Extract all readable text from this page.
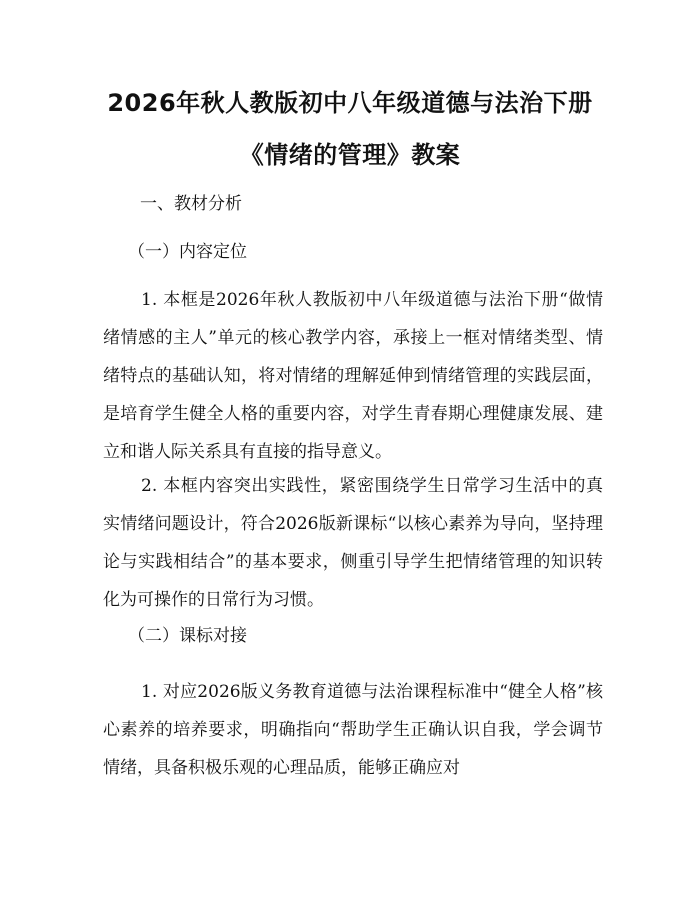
2026年秋人教版初中八年级道德与法治下册
《情绪的管理》教案
一、教材分析
（一）内容定位
1. 本框是2026年秋人教版初中八年级道德与法治下册“做情绪情感的主人”单元的核心教学内容，承接上一框对情绪类型、情绪特点的基础认知，将对情绪的理解延伸到情绪管理的实践层面，是培育学生健全人格的重要内容，对学生青春期心理健康发展、建立和谐人际关系具有直接的指导意义。
2. 本框内容突出实践性，紧密围绕学生日常学习生活中的真实情绪问题设计，符合2026版新课标“以核心素养为导向，坚持理论与实践相结合”的基本要求，侧重引导学生把情绪管理的知识转化为可操作的日常行为习惯。
（二）课标对接
1. 对应2026版义务教育道德与法治课程标准中“健全人格”核心素养的培养要求，明确指向“帮助学生正确认识自我，学会调节情绪，具备积极乐观的心理品质，能够正确应对
